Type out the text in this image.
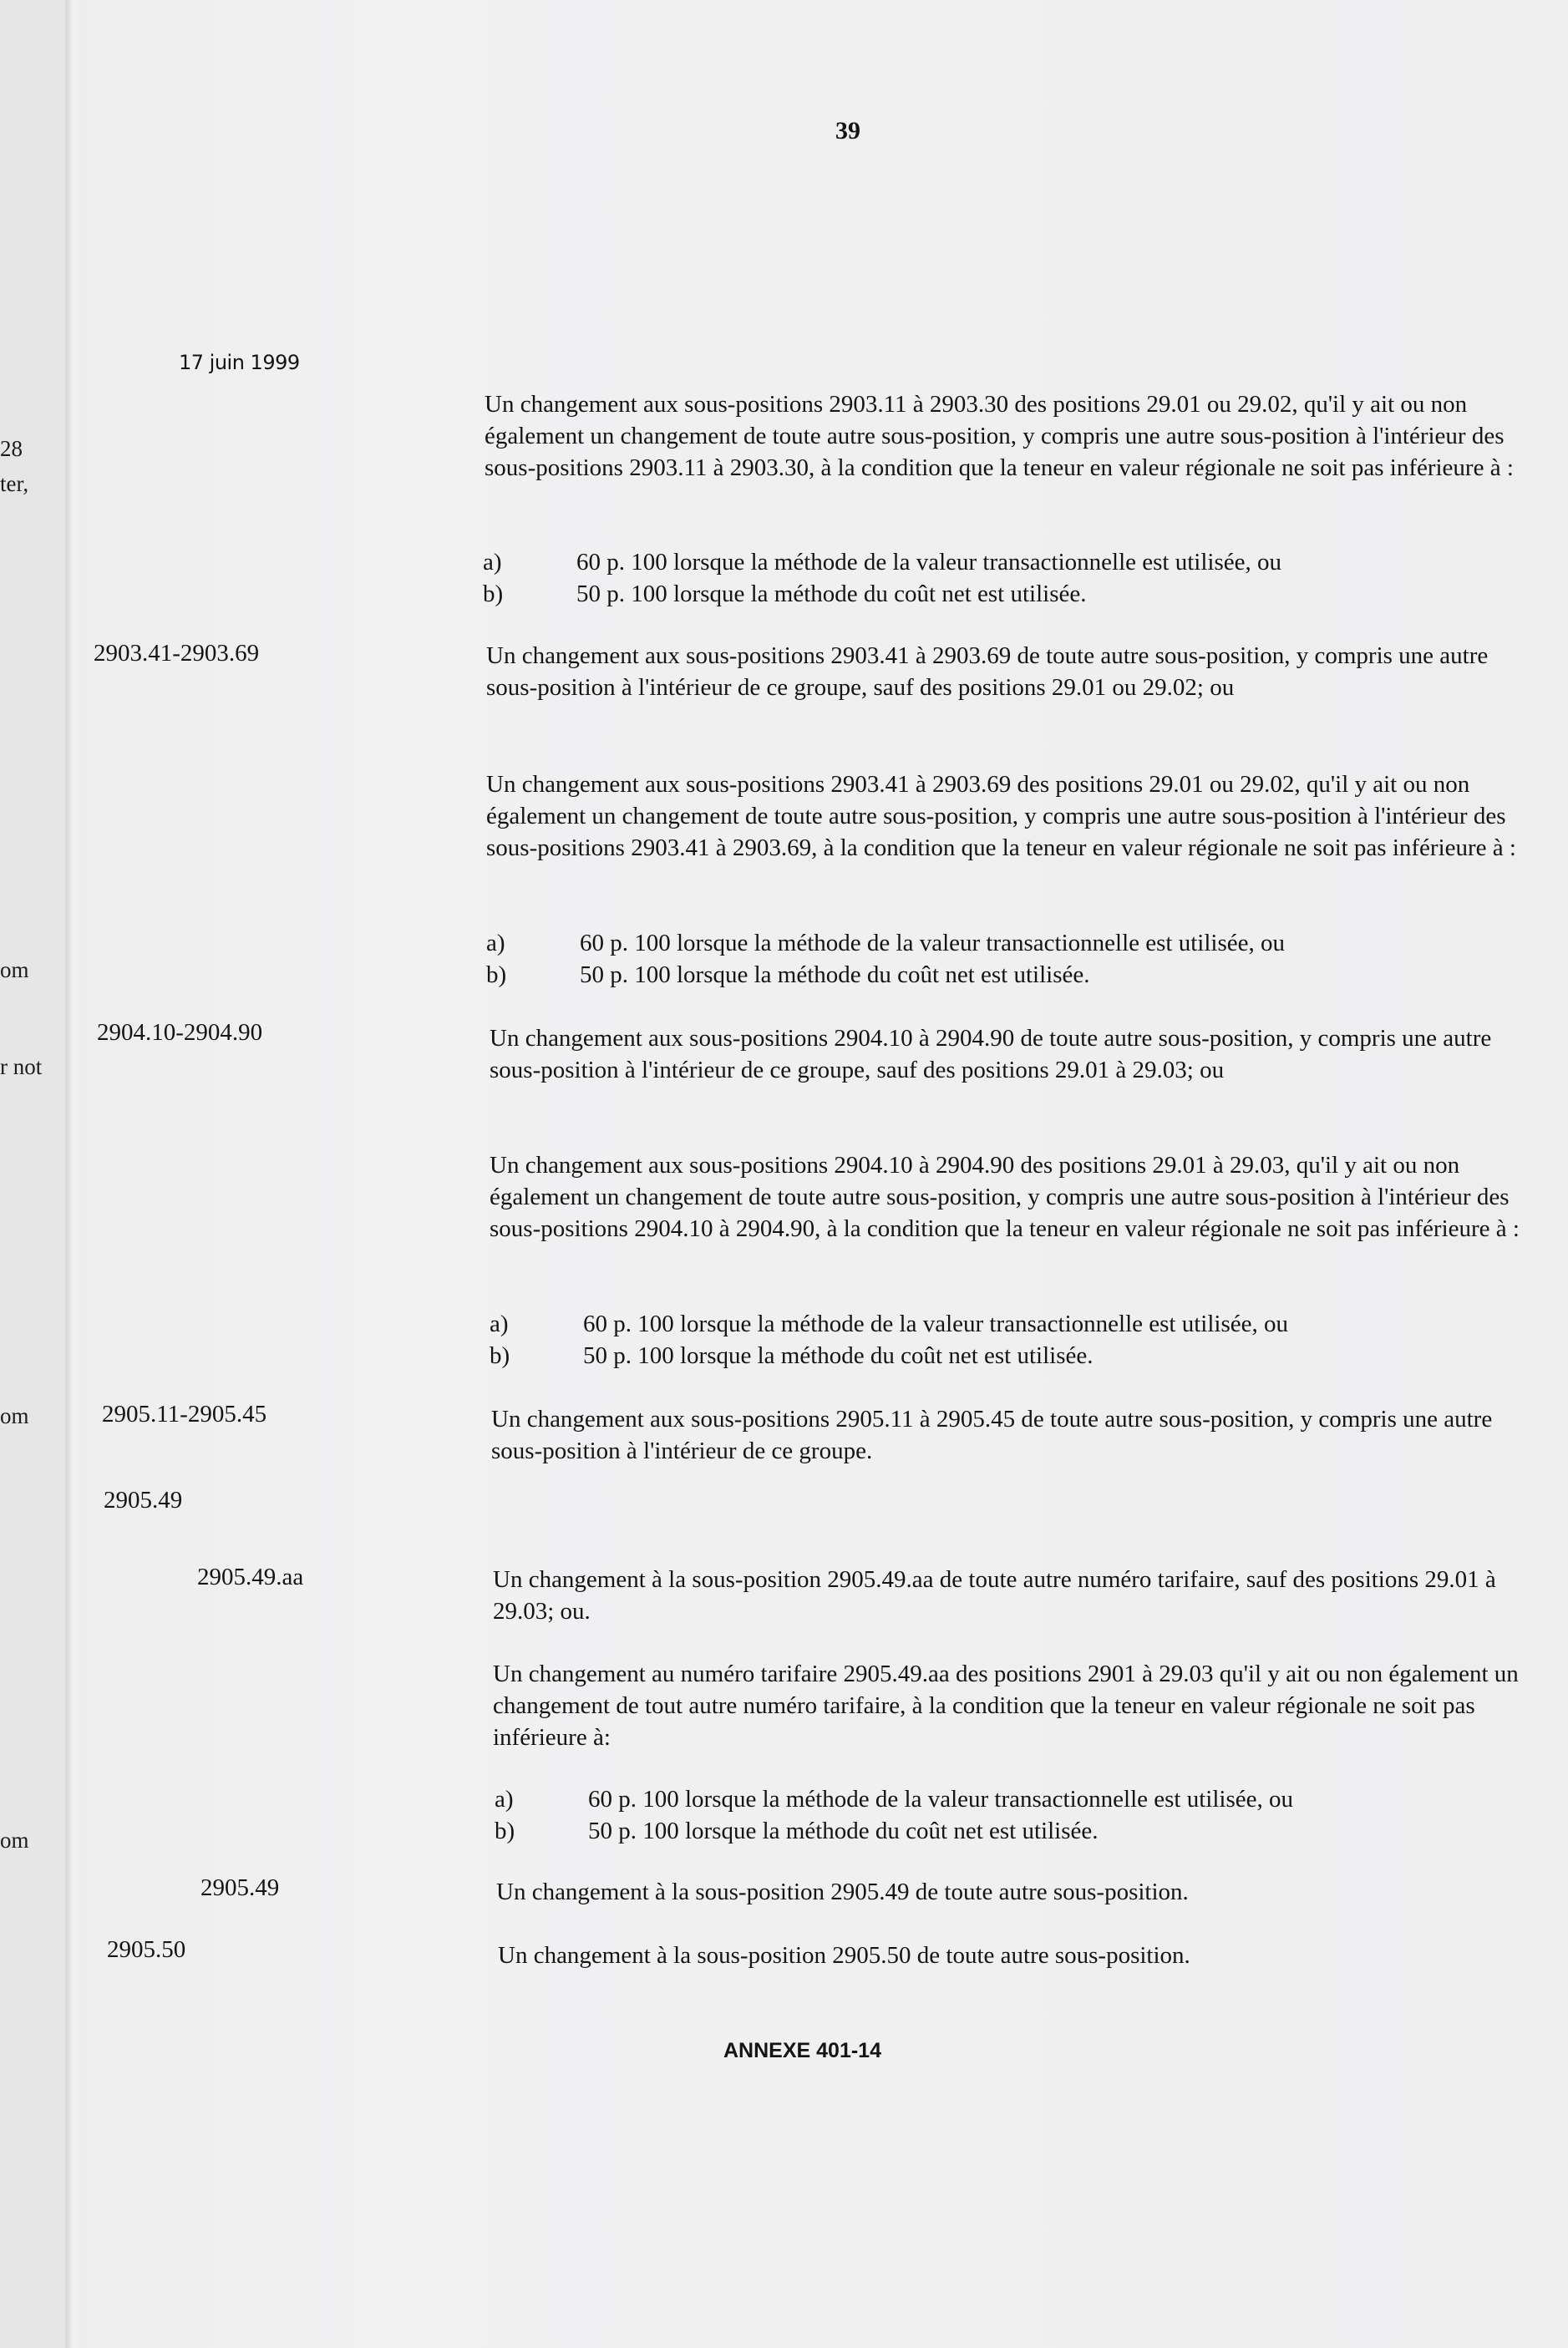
28
ter,
om
r not
om
om
39
17 juin 1999

Un changement aux sous-positions 2903.11 à 2903.30 des positions 29.01 ou 29.02, qu'il y ait ou non également un changement de toute autre sous-position, y compris une autre sous-position à l'intérieur des sous-positions 2903.11 à 2903.30, à la condition que la teneur en valeur régionale ne soit pas inférieure à :

a)	60 p. 100 lorsque la méthode de la valeur transactionnelle est utilisée, ou
b)	50 p. 100 lorsque la méthode du coût net est utilisée.
2903.41-2903.69	Un changement aux sous-positions 2903.41 à 2903.69 de toute autre sous-position, y compris une autre sous-position à l'intérieur de ce groupe, sauf des positions 29.01 ou 29.02; ou

Un changement aux sous-positions 2903.41 à 2903.69 des positions 29.01 ou 29.02, qu'il y ait ou non également un changement de toute autre sous-position, y compris une autre sous-position à l'intérieur des sous-positions 2903.41 à 2903.69, à la condition que la teneur en valeur régionale ne soit pas inférieure à :

a)	60 p. 100 lorsque la méthode de la valeur transactionnelle est utilisée, ou
b)	50 p. 100 lorsque la méthode du coût net est utilisée.
2904.10-2904.90	Un changement aux sous-positions 2904.10 à 2904.90 de toute autre sous-position, y compris une autre sous-position à l'intérieur de ce groupe, sauf des positions 29.01 à 29.03; ou

Un changement aux sous-positions 2904.10 à 2904.90 des positions 29.01 à 29.03, qu'il y ait ou non également un changement de toute autre sous-position, y compris une autre sous-position à l'intérieur des sous-positions 2904.10 à 2904.90, à la condition que la teneur en valeur régionale ne soit pas inférieure à :

a)	60 p. 100 lorsque la méthode de la valeur transactionnelle est utilisée, ou
b)	50 p. 100 lorsque la méthode du coût net est utilisée.
2905.11-2905.45	Un changement aux sous-positions 2905.11 à 2905.45 de toute autre sous-position, y compris une autre sous-position à l'intérieur de ce groupe.

2905.49
2905.49.aa	Un changement à la sous-position 2905.49.aa de toute autre numéro tarifaire, sauf des positions 29.01 à 29.03; ou.

Un changement au numéro tarifaire 2905.49.aa des positions 2901 à 29.03 qu'il y ait ou non également un changement de tout autre numéro tarifaire, à la condition que la teneur en valeur régionale ne soit pas inférieure à:

a)	60 p. 100 lorsque la méthode de la valeur transactionnelle est utilisée, ou
b)	50 p. 100 lorsque la méthode du coût net est utilisée.
2905.49	Un changement à la sous-position 2905.49 de toute autre sous-position.

2905.50	Un changement à la sous-position 2905.50 de toute autre sous-position.

ANNEXE 401-14
